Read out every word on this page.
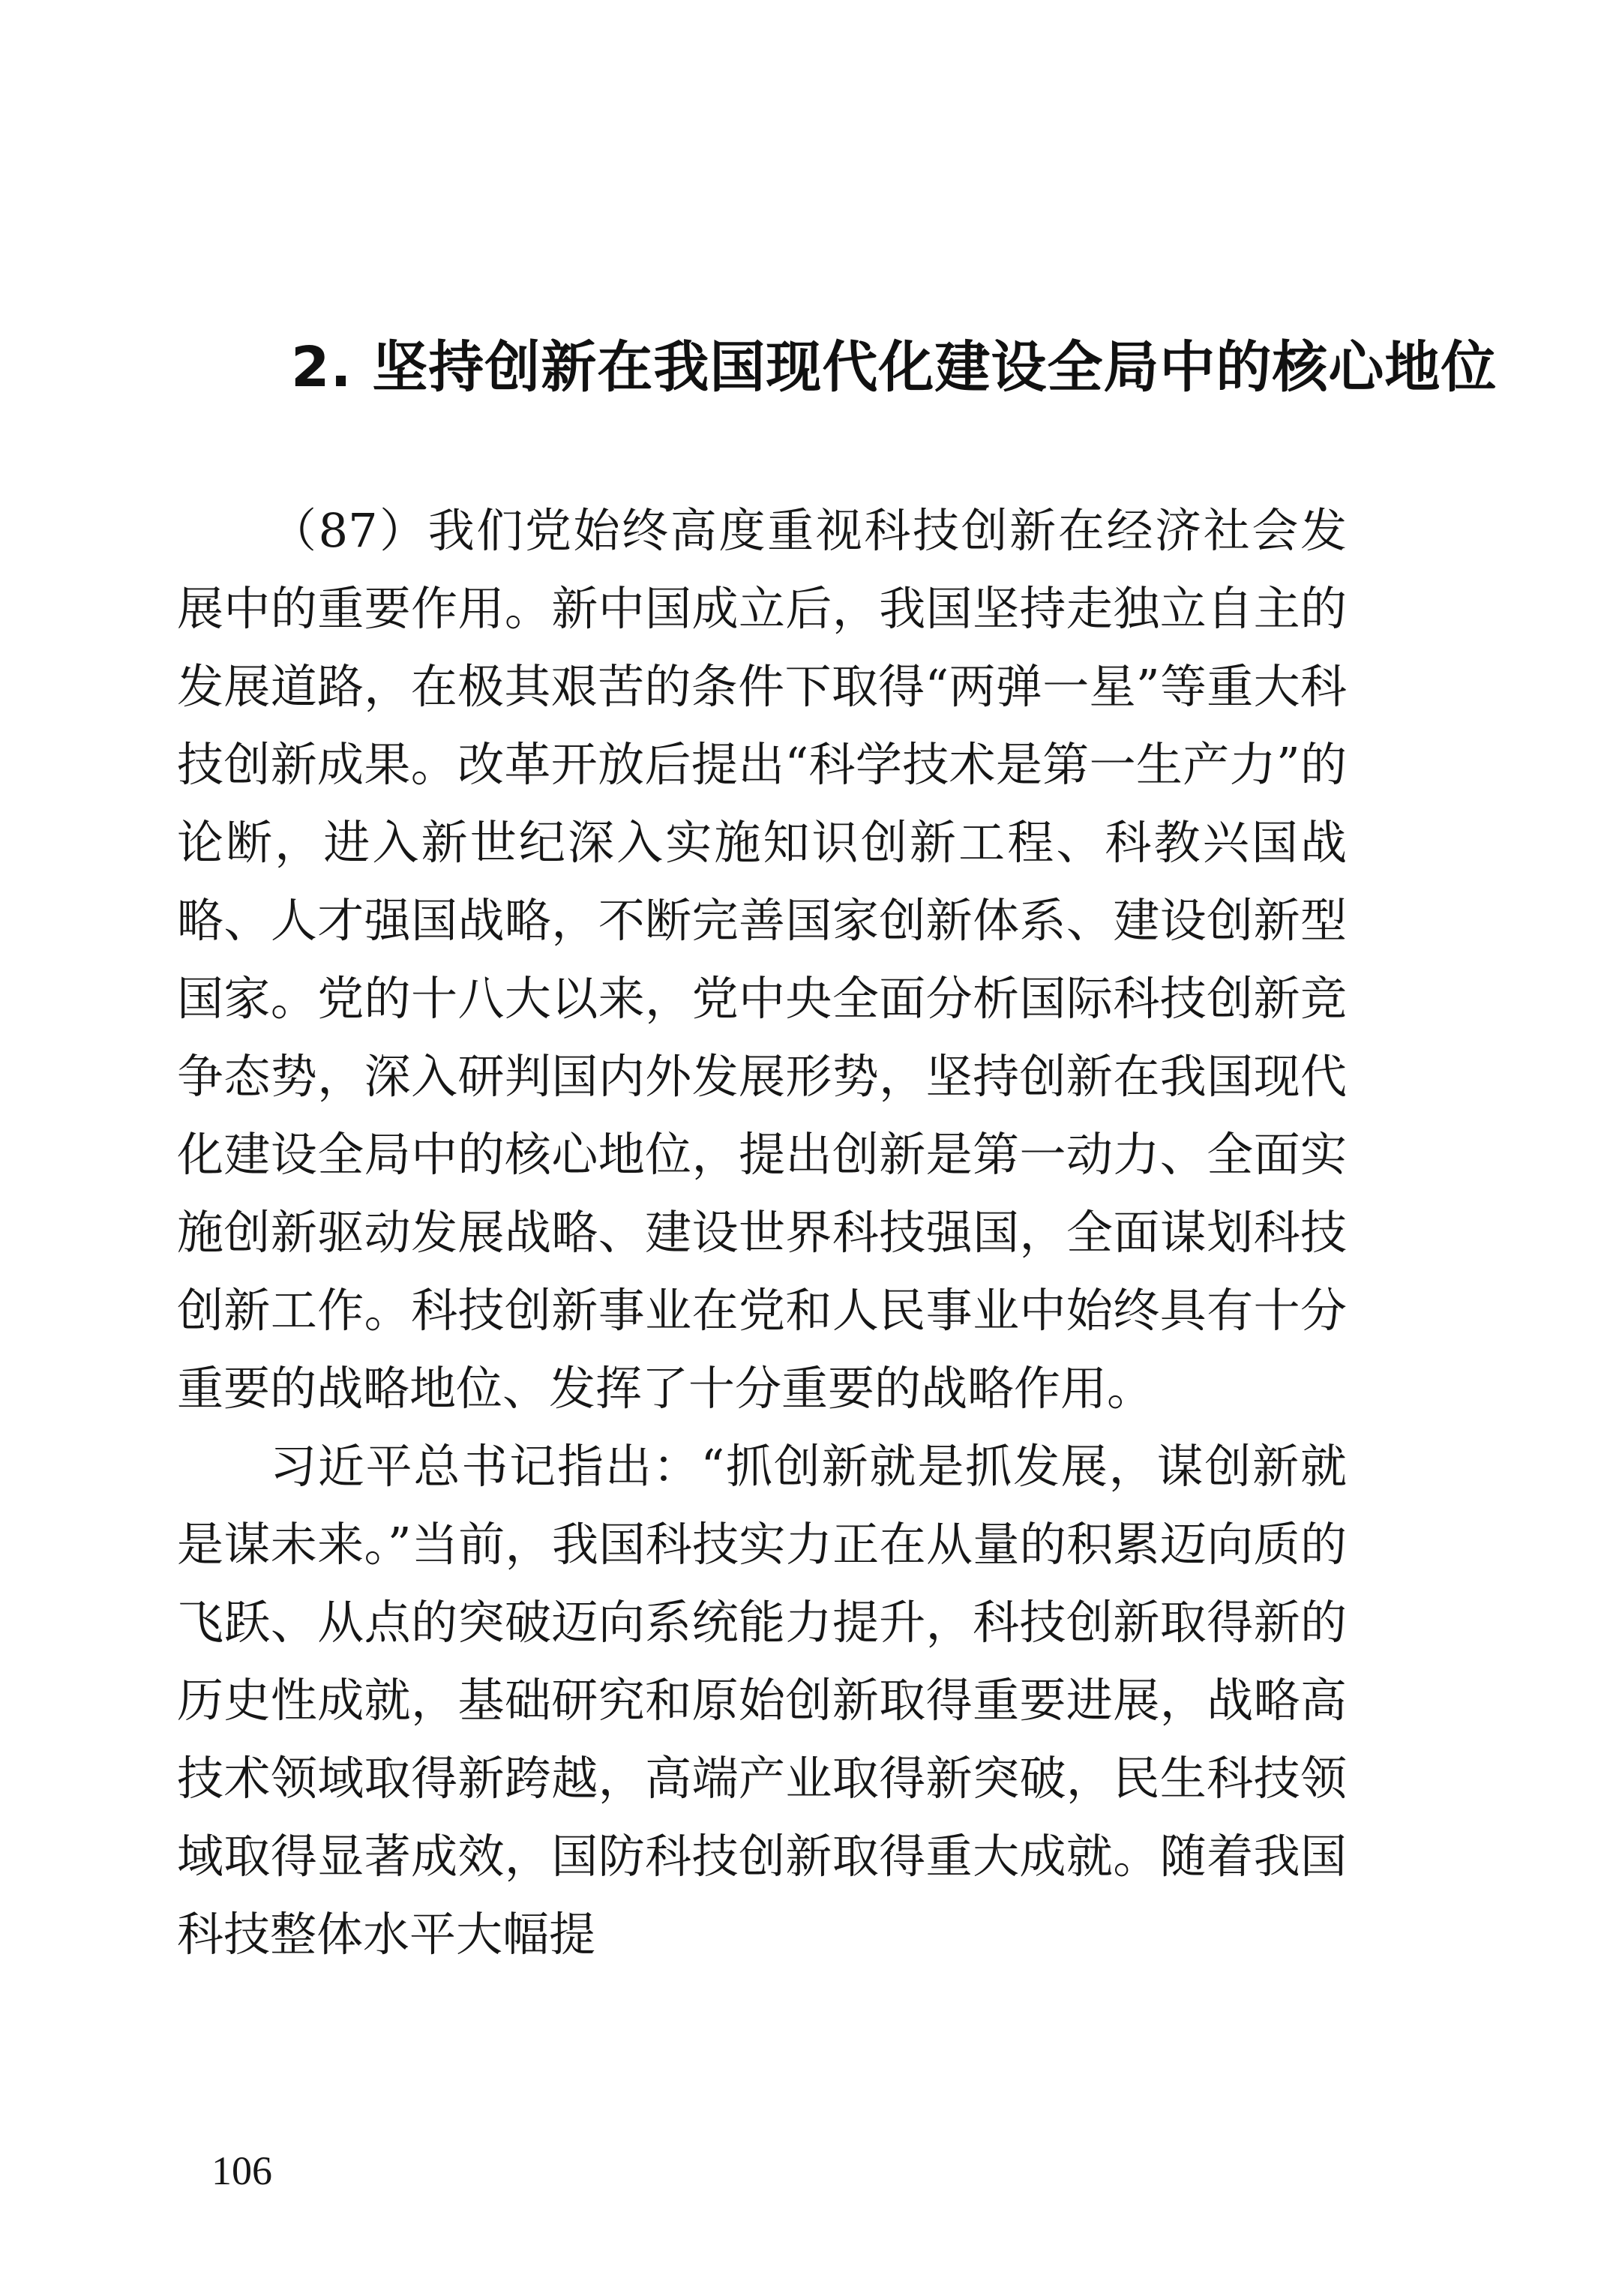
2. 坚持创新在我国现代化建设全局中的核心地位

（87）我们党始终高度重视科技创新在经济社会发展中的重要作用。新中国成立后，我国坚持走独立自主的发展道路，在极其艰苦的条件下取得“两弹一星”等重大科技创新成果。改革开放后提出“科学技术是第一生产力”的论断，进入新世纪深入实施知识创新工程、科教兴国战略、人才强国战略，不断完善国家创新体系、建设创新型国家。党的十八大以来，党中央全面分析国际科技创新竞争态势，深入研判国内外发展形势，坚持创新在我国现代化建设全局中的核心地位，提出创新是第一动力、全面实施创新驱动发展战略、建设世界科技强国，全面谋划科技创新工作。科技创新事业在党和人民事业中始终具有十分重要的战略地位、发挥了十分重要的战略作用。

习近平总书记指出：“抓创新就是抓发展，谋创新就是谋未来。”当前，我国科技实力正在从量的积累迈向质的飞跃、从点的突破迈向系统能力提升，科技创新取得新的历史性成就，基础研究和原始创新取得重要进展，战略高技术领域取得新跨越，高端产业取得新突破，民生科技领域取得显著成效，国防科技创新取得重大成就。随着我国科技整体水平大幅提

106
